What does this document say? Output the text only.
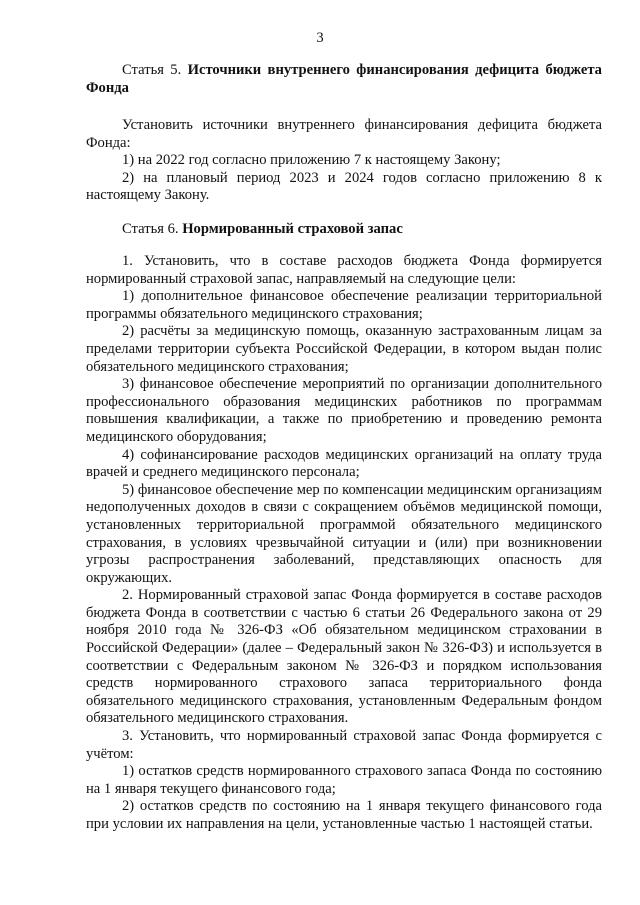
3
Статья 5. Источники внутреннего финансирования дефицита бюджета Фонда

Установить источники внутреннего финансирования дефицита бюджета Фонда:

1) на 2022 год согласно приложению 7 к настоящему Закону;

2) на плановый период 2023 и 2024 годов согласно приложению 8 к настоящему Закону.

Статья 6. Нормированный страховой запас

1. Установить, что в составе расходов бюджета Фонда формируется нормированный страховой запас, направляемый на следующие цели:

1) дополнительное финансовое обеспечение реализации территориальной программы обязательного медицинского страхования;

2) расчёты за медицинскую помощь, оказанную застрахованным лицам за пределами территории субъекта Российской Федерации, в котором выдан полис обязательного медицинского страхования;

3) финансовое обеспечение мероприятий по организации дополнительного профессионального образования медицинских работников по программам повышения квалификации, а также по приобретению и проведению ремонта медицинского оборудования;

4) софинансирование расходов медицинских организаций на оплату труда врачей и среднего медицинского персонала;

5) финансовое обеспечение мер по компенсации медицинским организациям недополученных доходов в связи с сокращением объёмов медицинской помощи, установленных территориальной программой обязательного медицинского страхования, в условиях чрезвычайной ситуации и (или) при возникновении угрозы распространения заболеваний, представляющих опасность для окружающих.

2. Нормированный страховой запас Фонда формируется в составе расходов бюджета Фонда в соответствии с частью 6 статьи 26 Федерального закона от 29 ноября 2010 года № 326-ФЗ «Об обязательном медицинском страховании в Российской Федерации» (далее – Федеральный закон № 326-ФЗ) и используется в соответствии с Федеральным законом № 326-ФЗ и порядком использования средств нормированного страхового запаса территориального фонда обязательного медицинского страхования, установленным Федеральным фондом обязательного медицинского страхования.

3. Установить, что нормированный страховой запас Фонда формируется с учётом:

1) остатков средств нормированного страхового запаса Фонда по состоянию на 1 января текущего финансового года;

2) остатков средств по состоянию на 1 января текущего финансового года при условии их направления на цели, установленные частью 1 настоящей статьи.
